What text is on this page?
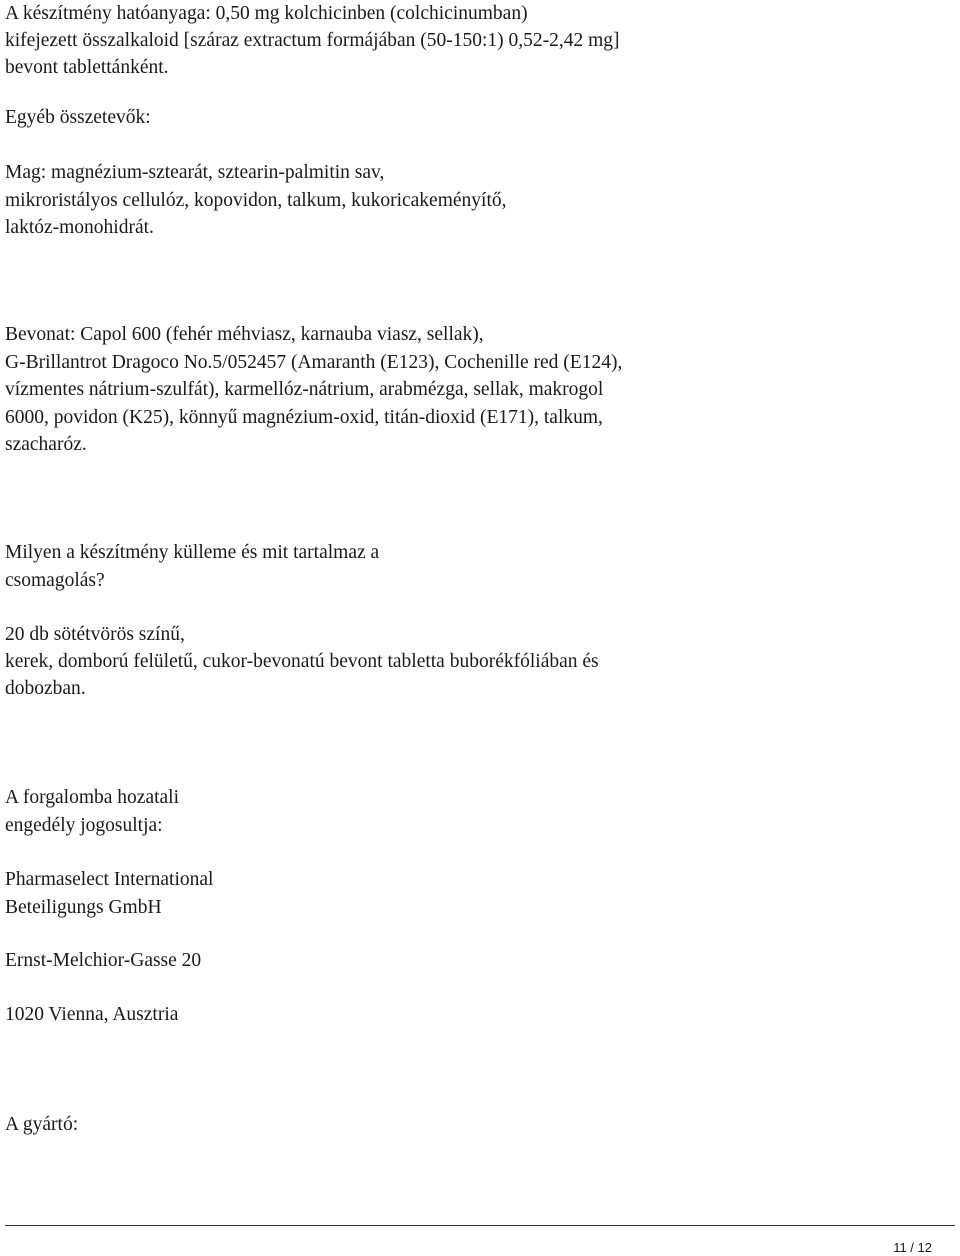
A készítmény hatóanyaga: 0,50 mg kolchicinben (colchicinumban)
kifejezett összalkaloid [száraz extractum formájában (50-150:1) 0,52-2,42 mg]
bevont tablettánként.
Egyéb összetevők:
Mag: magnézium-sztearát, sztearin-palmitin sav,
mikroristályos cellulóz, kopovidon, talkum, kukoricakeményítő,
laktóz-monohidrát.
Bevonat: Capol 600 (fehér méhviasz, karnauba viasz, sellak),
G-Brillantrot Dragoco No.5/052457 (Amaranth (E123), Cochenille red (E124),
vízmentes nátrium-szulfát), karmellóz-nátrium, arabmézga, sellak, makrogol
6000, povidon (K25), könnyű magnézium-oxid, titán-dioxid (E171), talkum,
szacharóz.
Milyen a készítmény külleme és mit tartalmaz a
csomagolás?
20 db sötétvörös színű,
kerek, domború felületű, cukor-bevonatú bevont tabletta buborékfóliában és
dobozban.
A forgalomba hozatali
engedély jogosultja:
Pharmaselect International
Beteiligungs GmbH
Ernst-Melchior-Gasse 20
1020 Vienna, Ausztria
A gyártó:
11 / 12
